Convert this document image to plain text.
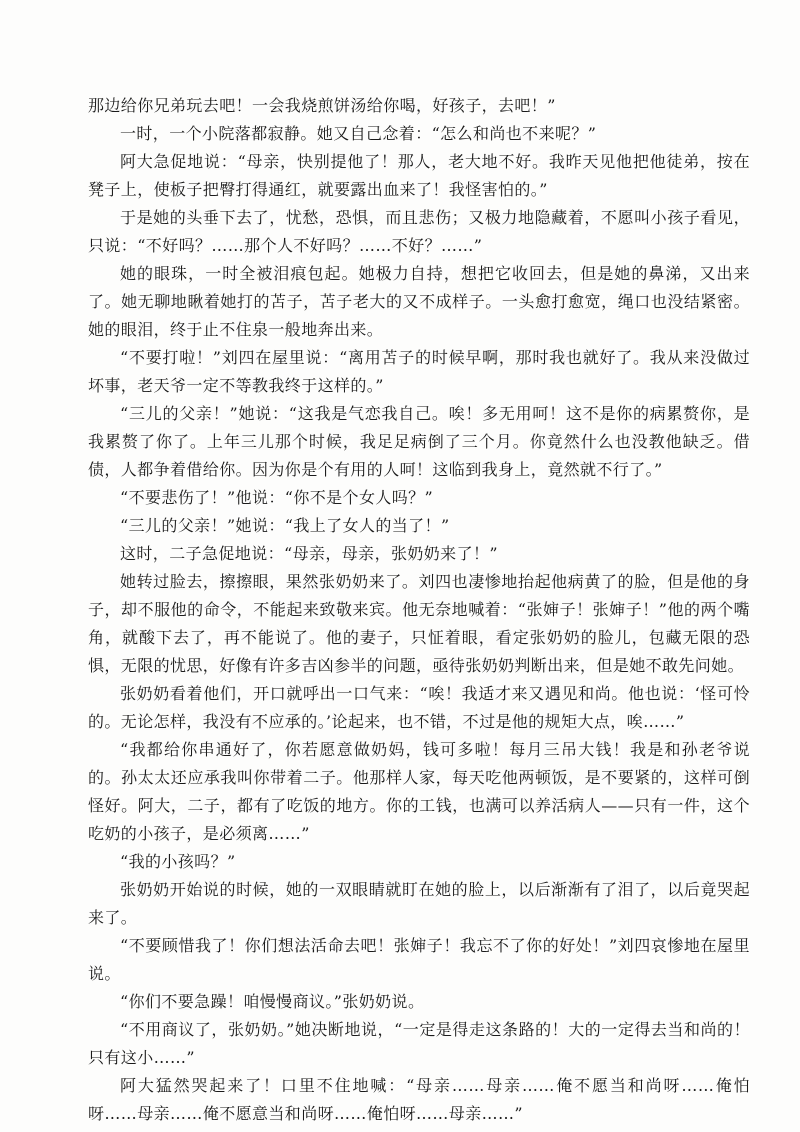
那边给你兄弟玩去吧！一会我烧煎饼汤给你喝，好孩子，去吧！”

一时，一个小院落都寂静。她又自己念着：“怎么和尚也不来呢？”

阿大急促地说：“母亲，快别提他了！那人，老大地不好。我昨天见他把他徒弟，按在凳子上，使板子把臀打得通红，就要露出血来了！我怪害怕的。”

于是她的头垂下去了，忧愁，恐惧，而且悲伤；又极力地隐藏着，不愿叫小孩子看见，只说：“不好吗？……那个人不好吗？……不好？……”

她的眼珠，一时全被泪痕包起。她极力自持，想把它收回去，但是她的鼻涕，又出来了。她无聊地瞅着她打的苫子，苫子老大的又不成样子。一头愈打愈宽，绳口也没结紧密。她的眼泪，终于止不住泉一般地奔出来。

“不要打啦！”刘四在屋里说：“离用苫子的时候早啊，那时我也就好了。我从来没做过坏事，老天爷一定不等教我终于这样的。”

“三儿的父亲！”她说：“这我是气恋我自己。唉！多无用呵！这不是你的病累赘你，是我累赘了你了。上年三儿那个时候，我足足病倒了三个月。你竟然什么也没教他缺乏。借债，人都争着借给你。因为你是个有用的人呵！这临到我身上，竟然就不行了。”

“不要悲伤了！”他说：“你不是个女人吗？”

“三儿的父亲！”她说：“我上了女人的当了！”

这时，二子急促地说：“母亲，母亲，张奶奶来了！”

她转过脸去，擦擦眼，果然张奶奶来了。刘四也凄惨地抬起他病黄了的脸，但是他的身子，却不服他的命令，不能起来致敬来宾。他无奈地喊着：“张婶子！张婶子！”他的两个嘴角，就酸下去了，再不能说了。他的妻子，只怔着眼，看定张奶奶的脸儿，包藏无限的恐惧，无限的忧思，好像有许多吉凶参半的问题，亟待张奶奶判断出来，但是她不敢先问她。

张奶奶看着他们，开口就呼出一口气来：“唉！我适才来又遇见和尚。他也说：‘怪可怜的。无论怎样，我没有不应承的。’论起来，也不错，不过是他的规矩大点，唉……”

“我都给你串通好了，你若愿意做奶妈，钱可多啦！每月三吊大钱！我是和孙老爷说的。孙太太还应承我叫你带着二子。他那样人家，每天吃他两顿饭，是不要紧的，这样可倒怪好。阿大，二子，都有了吃饭的地方。你的工钱，也满可以养活病人——只有一件，这个吃奶的小孩子，是必须离……”

“我的小孩吗？”

张奶奶开始说的时候，她的一双眼睛就盯在她的脸上，以后渐渐有了泪了，以后竟哭起来了。

“不要顾惜我了！你们想法活命去吧！张婶子！我忘不了你的好处！”刘四哀惨地在屋里说。

“你们不要急躁！咱慢慢商议。”张奶奶说。

“不用商议了，张奶奶。”她决断地说，“一定是得走这条路的！大的一定得去当和尚的！只有这小……”

阿大猛然哭起来了！口里不住地喊：“母亲……母亲……俺不愿当和尚呀……俺怕呀……母亲……俺不愿意当和尚呀……俺怕呀……母亲……”
